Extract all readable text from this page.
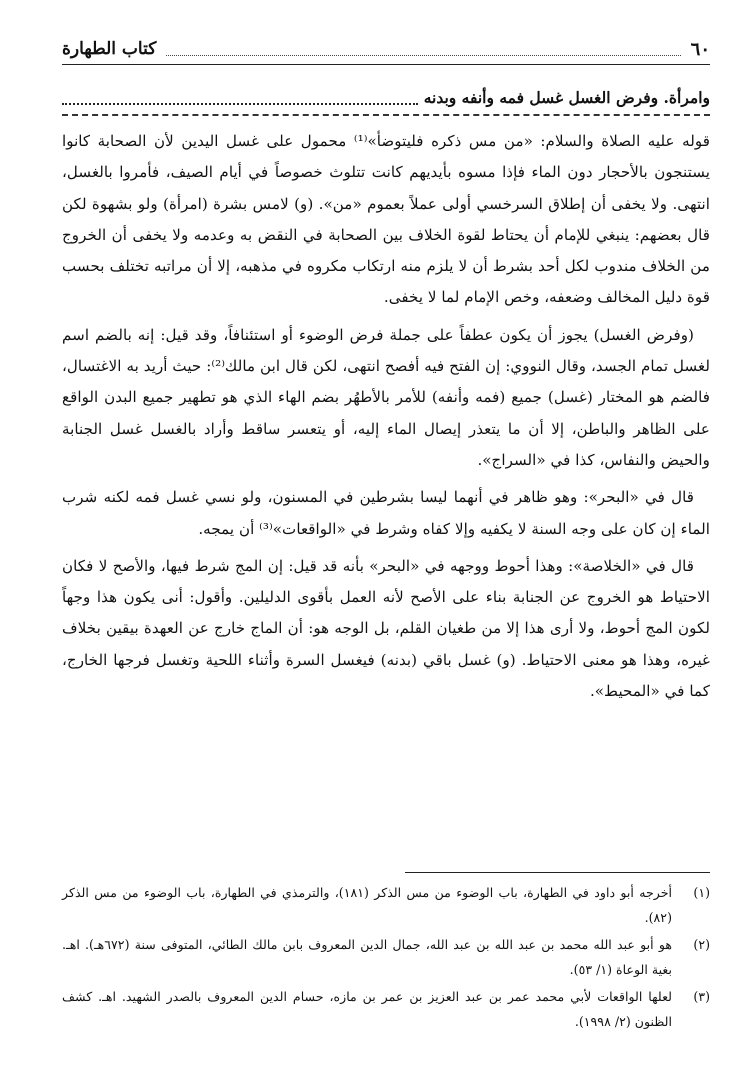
٦٠
كتاب الطهارة
وامرأة. وفرض الغسل غسل فمه وأنفه وبدنه

قوله عليه الصلاة والسلام: «من مس ذكره فليتوضأ»⁽¹⁾ محمول على غسل اليدين لأن الصحابة كانوا يستنجون بالأحجار دون الماء فإذا مسوه بأيديهم كانت تتلوث خصوصاً في أيام الصيف، فأمروا بالغسل، انتهى. ولا يخفى أن إطلاق السرخسي أولى عملاً بعموم «من». (و) لامس بشرة (امرأة) ولو بشهوة لكن قال بعضهم: ينبغي للإمام أن يحتاط لقوة الخلاف بين الصحابة في النقض به وعدمه ولا يخفى أن الخروج من الخلاف مندوب لكل أحد بشرط أن لا يلزم منه ارتكاب مكروه في مذهبه، إلا أن مراتبه تختلف بحسب قوة دليل المخالف وضعفه، وخص الإمام لما لا يخفى.

(وفرض الغسل) يجوز أن يكون عطفاً على جملة فرض الوضوء أو استئنافاً، وقد قيل: إنه بالضم اسم لغسل تمام الجسد، وقال النووي: إن الفتح فيه أفصح انتهى، لكن قال ابن مالك⁽²⁾: حيث أريد به الاغتسال، فالضم هو المختار (غسل) جميع (فمه وأنفه) للأمر بالأطهُر بضم الهاء الذي هو تطهير جميع البدن الواقع على الظاهر والباطن، إلا أن ما يتعذر إيصال الماء إليه، أو يتعسر ساقط وأراد بالغسل غسل الجنابة والحيض والنفاس، كذا في «السراج».

قال في «البحر»: وهو ظاهر في أنهما ليسا بشرطين في المسنون، ولو نسي غسل فمه لكنه شرب الماء إن كان على وجه السنة لا يكفيه وإلا كفاه وشرط في «الواقعات»⁽³⁾ أن يمجه.

قال في «الخلاصة»: وهذا أحوط ووجهه في «البحر» بأنه قد قيل: إن المج شرط فيها، والأصح لا فكان الاحتياط هو الخروج عن الجنابة بناء على الأصح لأنه العمل بأقوى الدليلين. وأقول: أنى يكون هذا وجهاً لكون المج أحوط، ولا أرى هذا إلا من طغيان القلم، بل الوجه هو: أن الماج خارج عن العهدة بيقين بخلاف غيره، وهذا هو معنى الاحتياط. (و) غسل باقي (بدنه) فيغسل السرة وأثناء اللحية وتغسل فرجها الخارج، كما في «المحيط».

(١)
أخرجه أبو داود في الطهارة، باب الوضوء من مس الذكر (١٨١)، والترمذي في الطهارة، باب الوضوء من مس الذكر (٨٢).
(٢)
هو أبو عبد الله محمد بن عبد الله بن عبد الله، جمال الدين المعروف بابن مالك الطائي، المتوفى سنة (٦٧٢هـ). اهـ. بغية الوعاة (١/ ٥٣).
(٣)
لعلها الواقعات لأبي محمد عمر بن عبد العزيز بن عمر بن مازه، حسام الدين المعروف بالصدر الشهيد. اهـ. كشف الظنون (٢/ ١٩٩٨).
